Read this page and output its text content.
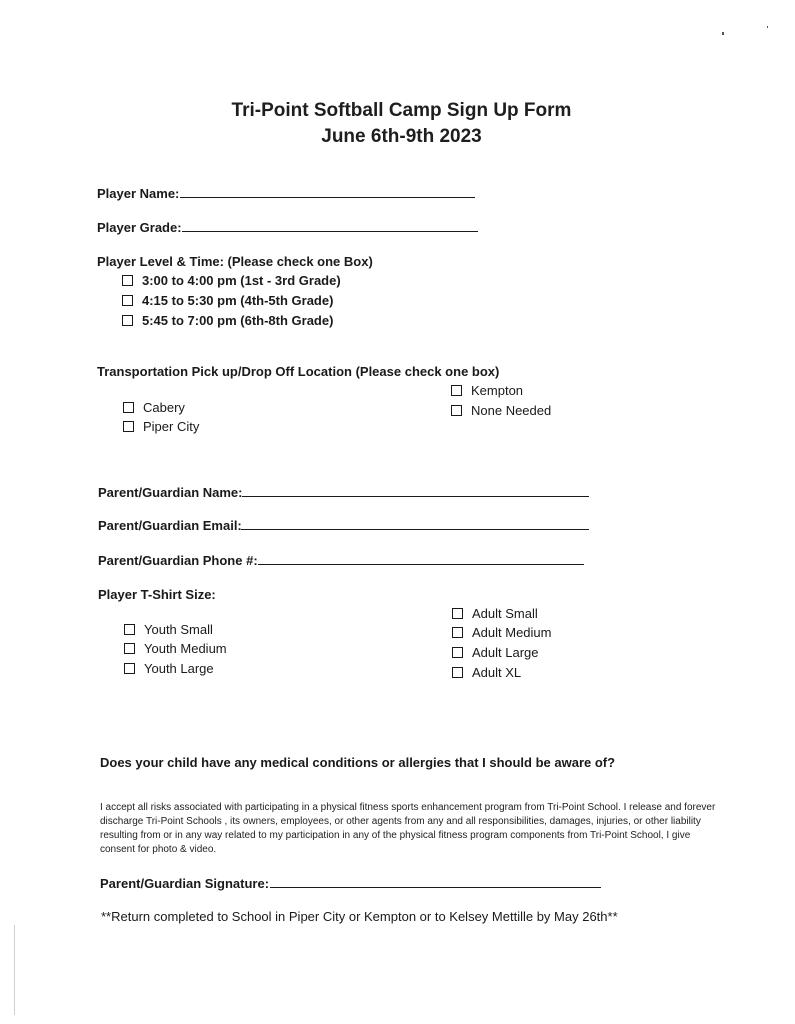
Tri-Point Softball Camp Sign Up Form
June 6th-9th 2023
Player Name:
Player Grade:
Player Level & Time: (Please check one Box)
3:00 to 4:00 pm (1st - 3rd Grade)
4:15 to 5:30 pm (4th-5th Grade)
5:45 to 7:00 pm (6th-8th Grade)
Transportation Pick up/Drop Off Location (Please check one box)
Kempton
None Needed
Cabery
Piper City
Parent/Guardian Name:
Parent/Guardian Email:
Parent/Guardian Phone #:
Player T-Shirt Size:
Adult Small
Adult Medium
Adult Large
Adult XL
Youth Small
Youth Medium
Youth Large
Does your child have any medical conditions or allergies that I should be aware of?
I accept all risks associated with participating in a physical fitness sports enhancement program from Tri-Point School. I release and forever discharge Tri-Point Schools , its owners, employees, or other agents from any and all responsibilities, damages, injuries, or other liability resulting from or in any way related to my participation in any of the physical fitness program components from Tri-Point School, I give consent for photo & video.
Parent/Guardian Signature:
**Return completed to School in Piper City or Kempton or to Kelsey Mettille by May 26th**
